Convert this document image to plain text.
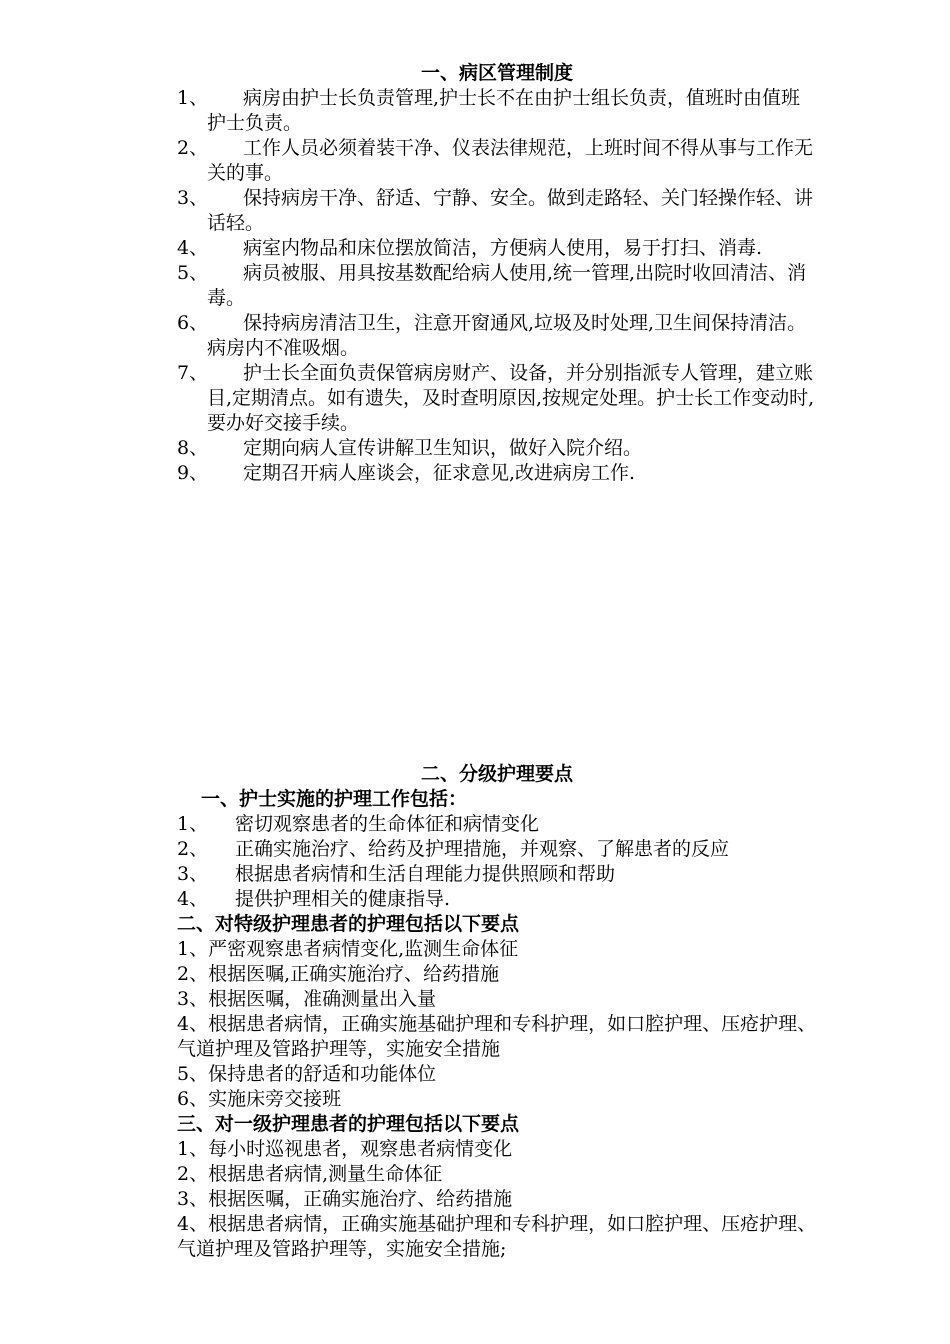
一、病区管理制度
1、	病房由护士长负责管理,护士长不在由护士组长负责，值班时由值班护士负责。
2、	工作人员必须着装干净、仪表法律规范，上班时间不得从事与工作无关的事。
3、	保持病房干净、舒适、宁静、安全。做到走路轻、关门轻操作轻、讲话轻。
4、	病室内物品和床位摆放简洁，方便病人使用，易于打扫、消毒.
5、	病员被服、用具按基数配给病人使用,统一管理,出院时收回清洁、消毒。
6、	保持病房清洁卫生，注意开窗通风,垃圾及时处理,卫生间保持清洁。病房内不准吸烟。
7、	护士长全面负责保管病房财产、设备，并分别指派专人管理，建立账目,定期清点。如有遗失，及时查明原因,按规定处理。护士长工作变动时,要办好交接手续。
8、	定期向病人宣传讲解卫生知识，做好入院介绍。
9、	定期召开病人座谈会，征求意见,改进病房工作.
二、分级护理要点
一、护士实施的护理工作包括：
1、	密切观察患者的生命体征和病情变化
2、	正确实施治疗、给药及护理措施，并观察、了解患者的反应
3、	根据患者病情和生活自理能力提供照顾和帮助
4、	提供护理相关的健康指导.
二、对特级护理患者的护理包括以下要点
1、严密观察患者病情变化,监测生命体征
2、根据医嘱,正确实施治疗、给药措施
3、根据医嘱，准确测量出入量
4、根据患者病情，正确实施基础护理和专科护理，如口腔护理、压疮护理、气道护理及管路护理等，实施安全措施
5、保持患者的舒适和功能体位
6、实施床旁交接班
三、对一级护理患者的护理包括以下要点
1、每小时巡视患者，观察患者病情变化
2、根据患者病情,测量生命体征
3、根据医嘱，正确实施治疗、给药措施
4、根据患者病情，正确实施基础护理和专科护理，如口腔护理、压疮护理、气道护理及管路护理等，实施安全措施;
